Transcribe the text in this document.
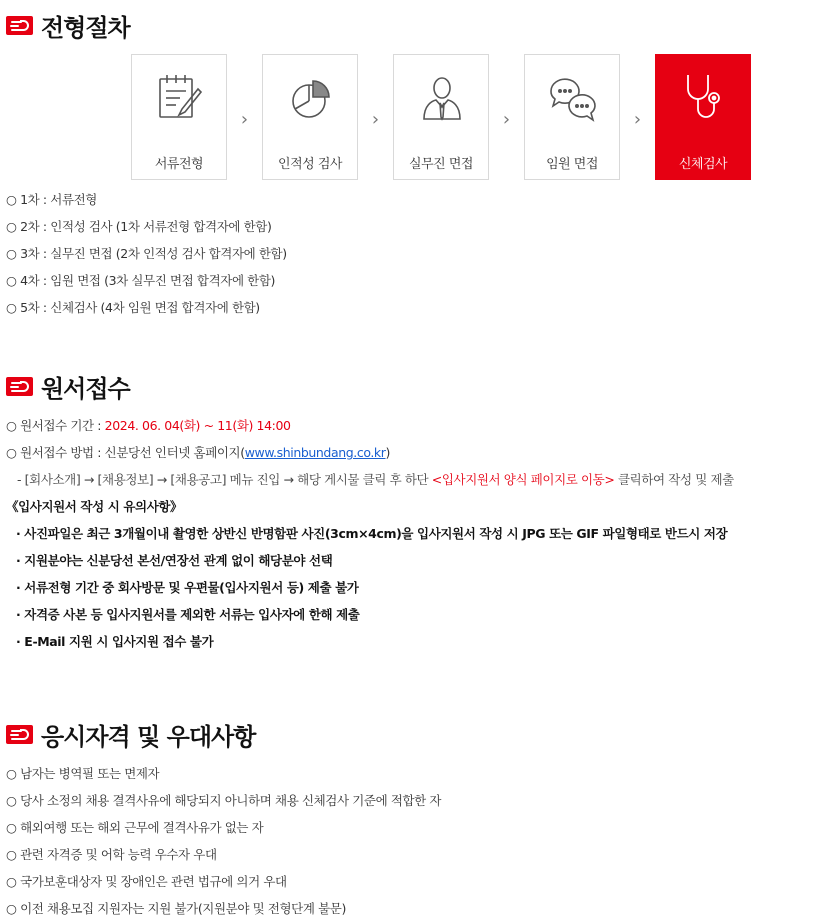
전형절차
서류전형
›
인적성 검사
›
실무진 면접
›
임원 면접
›
신체검사
○ 1차 : 서류전형
○ 2차 : 인적성 검사 (1차 서류전형 합격자에 한함)
○ 3차 : 실무진 면접 (2차 인적성 검사 합격자에 한함)
○ 4차 : 임원 면접 (3차 실무진 면접 합격자에 한함)
○ 5차 : 신체검사 (4차 임원 면접 합격자에 한함)
원서접수
○ 원서접수 기간 : 2024. 06. 04(화) ~ 11(화) 14:00
○ 원서접수 방법 : 신분당선 인터넷 홈페이지(www.shinbundang.co.kr)
- [회사소개] → [채용정보] → [채용공고] 메뉴 진입 → 해당 게시물 클릭 후 하단 <입사지원서 양식 페이지로 이동> 클릭하여 작성 및 제출
《입사지원서 작성 시 유의사항》
· 사진파일은 최근 3개월이내 촬영한 상반신 반명함판 사진(3cm×4cm)을 입사지원서 작성 시 JPG 또는 GIF 파일형태로 반드시 저장
· 지원분야는 신분당선 본선/연장선 관계 없이 해당분야 선택
· 서류전형 기간 중 회사방문 및 우편물(입사지원서 등) 제출 불가
· 자격증 사본 등 입사지원서를 제외한 서류는 입사자에 한해 제출
· E-Mail 지원 시 입사지원 접수 불가
응시자격 및 우대사항
○ 남자는 병역필 또는 면제자
○ 당사 소정의 채용 결격사유에 해당되지 아니하며 채용 신체검사 기준에 적합한 자
○ 해외여행 또는 해외 근무에 결격사유가 없는 자
○ 관련 자격증 및 어학 능력 우수자 우대
○ 국가보훈대상자 및 장애인은 관련 법규에 의거 우대
○ 이전 채용모집 지원자는 지원 불가(지원분야 및 전형단계 불문)
